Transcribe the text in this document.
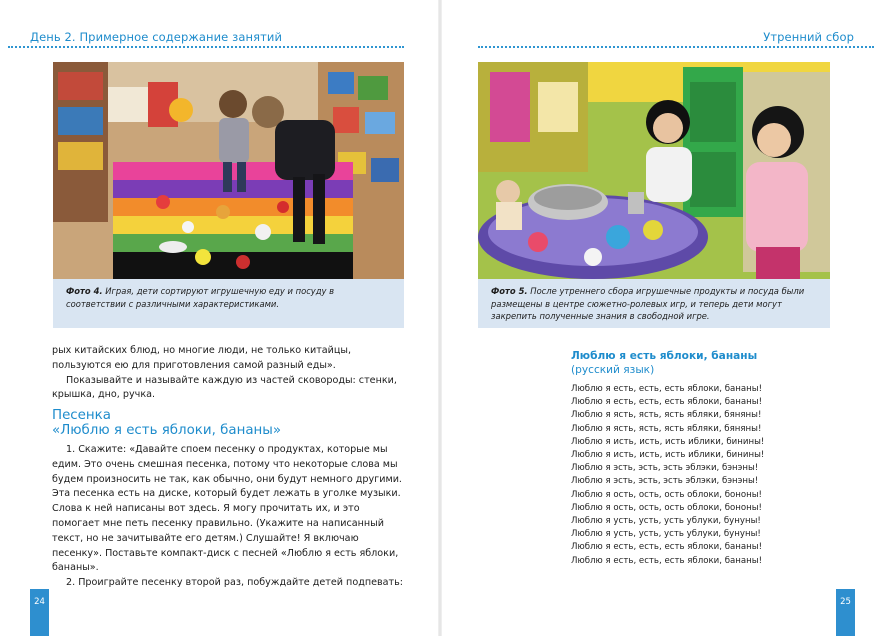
День 2. Примерное содержание занятий
Фото 4. Играя, дети сортируют игрушечную еду и посуду в соответствии с различными характеристиками.

рых китайских блюд, но многие люди, не только китайцы, пользуются ею для приготовления самой разный еды».

Показывайте и называйте каждую из частей сковороды: стенки, крышка, дно, ручка.

Песенка
«Люблю я есть яблоки, бананы»

1. Скажите: «Давайте споем песенку о продуктах, которые мы едим. Это очень смешная песенка, потому что некоторые слова мы будем произносить не так, как обычно, они будут немного другими. Эта песенка есть на диске, который будет лежать в уголке музыки. Слова к ней написаны вот здесь. Я могу прочитать их, и это помогает мне петь песенку правильно. (Укажите на написанный текст, но не зачитывайте его детям.) Слушайте! Я включаю песенку». Поставьте компакт-диск с песней «Люблю я есть яблоки, бананы».

2. Проиграйте песенку второй раз, побуждайте детей подпевать:

24
Утренний сбор
Фото 5. После утреннего сбора игрушечные продукты и посуда были размещены в центре сюжетно-ролевых игр, и теперь дети могут закрепить полученные знания в свободной игре.
Люблю я есть яблоки, бананы
(русский язык)
Люблю я есть, есть, есть яблоки, бананы!
Люблю я есть, есть, есть яблоки, бананы!
Люблю я ясть, ясть, ясть ябляки, бяняны!
Люблю я ясть, ясть, ясть ябляки, бяняны!
Люблю я исть, исть, исть иблики, бинины!
Люблю я исть, исть, исть иблики, бинины!
Люблю я эсть, эсть, эсть эблэки, бэнэны!
Люблю я эсть, эсть, эсть эблэки, бэнэны!
Люблю я ость, ость, ость облоки, бононы!
Люблю я ость, ость, ость облоки, бононы!
Люблю я усть, усть, усть ублуки, бунуны!
Люблю я усть, усть, усть ублуки, бунуны!
Люблю я есть, есть, есть яблоки, бананы!
Люблю я есть, есть, есть яблоки, бананы!
25
